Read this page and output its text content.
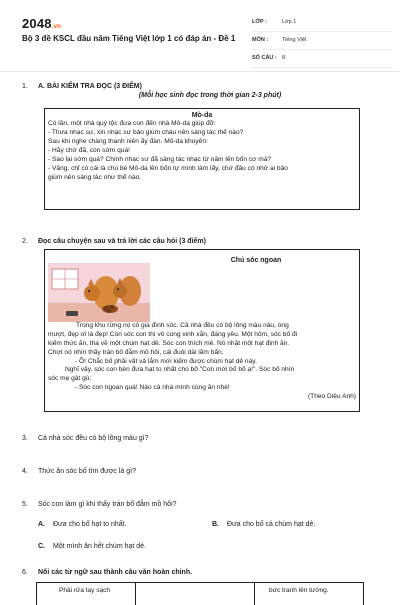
2048.vn
Bộ 3 đề KSCL đầu năm Tiếng Việt lớp 1 có đáp án - Đề 1
LỚP :	Lớp 1
MÔN :	Tiếng Việt
SỐ CÂU : 8
1. A. BÀI KIỂM TRA ĐỌC (3 ĐIỂM)
(Mỗi học sinh đọc trong thời gian 2-3 phút)
Mò-da

Có lần, một nhà quý tộc đưa con đến nhà Mô-da giúp đỡ:

- Thưa nhạc sư, xin nhạc sư bảo giùm cháu nên sáng tác thế nào?

Sau khi nghe chàng thanh niên ấy đàn. Mô-da khuyên:

- Hãy chờ đã, còn sớm quá!

- Sao lại sớm quá? Chính nhạc sư đã sáng tác nhạc từ năm lên bốn cơ mà?

- Vâng, chỉ có cái là chú bé Mô-da lên bốn tự mình làm lấy, chứ đâu có nhờ ai bảo

giùm nên sáng tác như thế nào.

2. Đọc câu chuyện sau và trả lời các câu hỏi (3 điểm)
Chú sóc ngoan

Trong khu rừng nọ có gia đình sóc. Cả nhà đều có bộ lông màu nâu, óng

mượt, đẹp ơi là đẹp! Còn sóc con thì vô cùng xinh xắn, đáng yêu. Một hôm, sóc bố đi

kiếm thức ăn, tha về một chùm hạt dẻ. Sóc con thích mê. Nó nhặt một hạt định ăn.

Chợt nó nhìn thấy trán bố đẫm mồ hôi, cái đuôi dài lấm bẩn.

- Ồ! Chắc bố phải vất vả lắm mới kiếm được chùm hạt dẻ này.

Nghĩ vậy, sóc con bèn đưa hạt to nhất cho bố "Con mời bố bố ạ!". Sóc bố nhìn

sóc mẹ gật gù:

- Sóc con ngoan quá! Nào cả nhà mình cùng ăn nhé!

(Theo Diệu Anh)

3. Cả nhà sóc đều có bộ lông màu gì?
4. Thức ăn sóc bố tìm được là gì?
5. Sóc con làm gì khi thấy trán bố đẫm mồ hôi?
A. Đưa cho bố hạt to nhất.	B. Đưa cho bố cả chùm hạt dẻ.
C. Một mình ăn hết chùm hạt dẻ.
6. Nối các từ ngữ sau thành câu văn hoàn chỉnh.
Phải rửa tay sạch	bức tranh lên tường.
